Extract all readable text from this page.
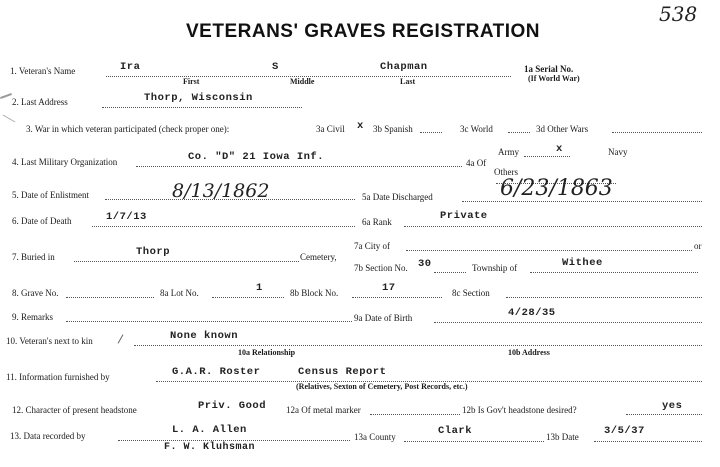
VETERANS' GRAVES REGISTRATION
538
1. Veteran's Name	Ira	S	Chapman
First	Middle	Last
1a Serial No.
(If World War)
2. Last Address	Thorp, Wisconsin
3. War in which veteran participated (check proper one):	3a Civil x 3b Spanish	3c World	3d Other Wars
4. Last Military Organization	Co. "D" 21 Iowa Inf.	4a Of
Army	x	Navy
Others
5. Date of Enlistment	8/13/1862	5a Date Discharged	6/23/1863
6. Date of Death	1/7/13	6a Rank	Private
7. Buried in	Thorp	Cemetery,
7a City of	or
7b Section No. 30	Township of	Withee
8. Grave No.	8a Lot No.	1	8b Block No.	17	8c Section
9. Remarks	9a Date of Birth	4/28/35
10. Veteran's next to kin	None known
10a Relationship	10b Address
11. Information furnished by	G.A.R. Roster	Census Report
(Relatives, Sexton of Cemetery, Post Records, etc.)
12. Character of present headstone	Priv. Good 12a Of metal marker	12b Is Gov't headstone desired?	yes
13. Data recorded by	L. A. Allen
F. W. Kluhsman
13a County	Clark	13b Date 3/5/37
